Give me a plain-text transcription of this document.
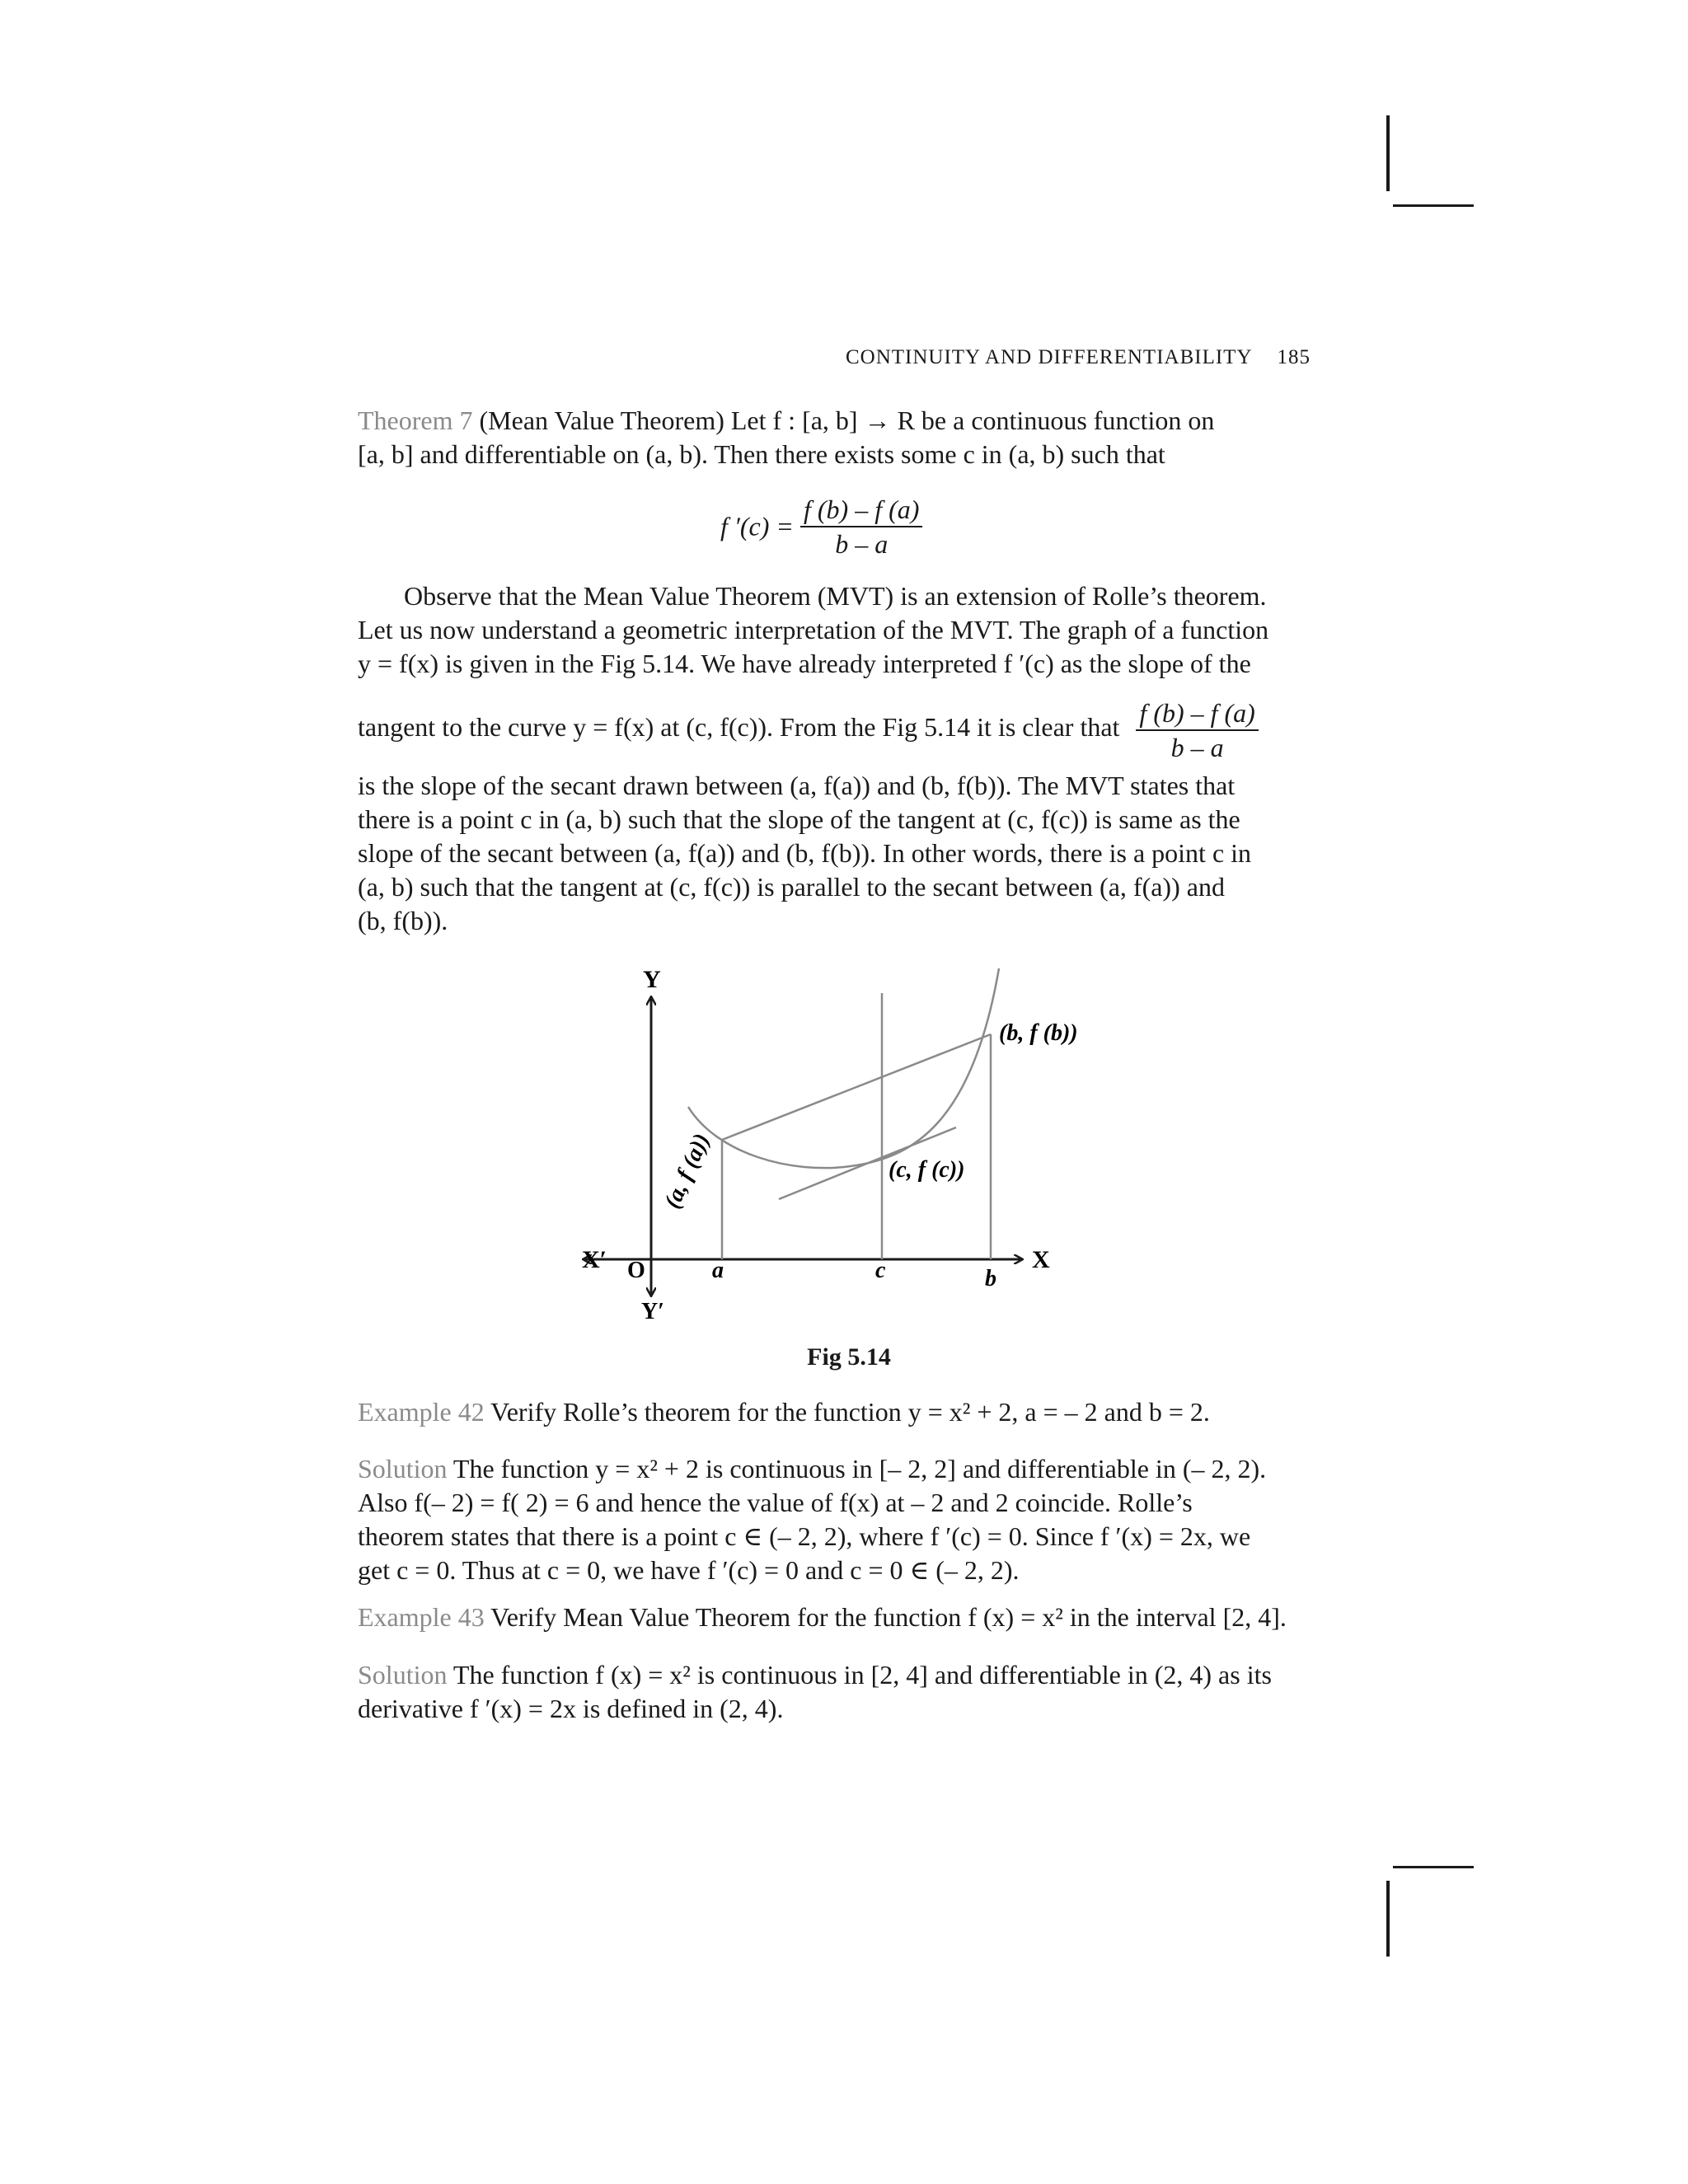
CONTINUITY AND DIFFERENTIABILITY 185

Theorem 7 (Mean Value Theorem) Let f : [a, b] → R be a continuous function on

[a, b] and differentiable on (a, b). Then there exists some c in (a, b) such that

f $'(c) = \frac{f (b) - f (a)}{b - a}$

Observe that the Mean Value Theorem (MVT) is an extension of Rolle’s theorem.

Let us now understand a geometric interpretation of the MVT. The graph of a function

y = f(x) is given in the Fig 5.14. We have already interpreted f ′(c) as the slope of the

tangent to the curve y = f(x) at (c, f(c)). From the Fig 5.14 it is clear that $\frac{f (b) - f (a)}{b - a}$

is the slope of the secant drawn between (a, f(a)) and (b, f(b)). The MVT states that

there is a point c in (a, b) such that the slope of the tangent at (c, f(c)) is same as the

slope of the secant between (a, f(a)) and (b, f(b)). In other words, there is a point c in

(a, b) such that the tangent at (c, f(c)) is parallel to the secant between (a, f(a)) and

(b, f(b)).

Y
Y′
X
X′ O	a	c	b
(b, f (b))
(c, f (c))
(a, f (a))
Fig 5.14

Example 42 Verify Rolle’s theorem for the function y = x² + 2, a = – 2 and b = 2.

Solution The function y = x² + 2 is continuous in [– 2, 2] and differentiable in (– 2, 2).

Also f(– 2) = f( 2) = 6 and hence the value of f(x) at – 2 and 2 coincide. Rolle’s

theorem states that there is a point c ∈ (– 2, 2), where f ′(c) = 0. Since f ′(x) = 2x, we

get c = 0. Thus at c = 0, we have f ′(c) = 0 and c = 0 ∈ (– 2, 2).

Example 43 Verify Mean Value Theorem for the function f (x) = x² in the interval [2, 4].

Solution The function f (x) = x² is continuous in [2, 4] and differentiable in (2, 4) as its

derivative f ′(x) = 2x is defined in (2, 4).
